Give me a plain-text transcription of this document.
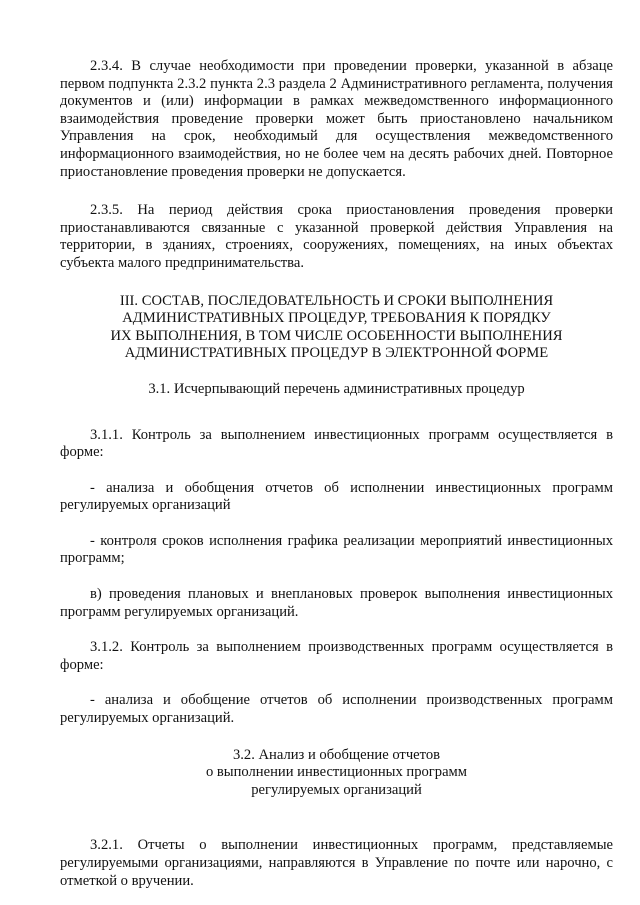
2.3.4. В случае необходимости при проведении проверки, указанной в абзаце первом подпункта 2.3.2 пункта 2.3 раздела 2 Административного регламента, получения документов и (или) информации в рамках межведомственного информационного взаимодействия проведение проверки может быть приостановлено начальником Управления на срок, необходимый для осуществления межведомственного информационного взаимодействия, но не более чем на десять рабочих дней. Повторное приостановление проведения проверки не допускается.

2.3.5. На период действия срока приостановления проведения проверки приостанавливаются связанные с указанной проверкой действия Управления на территории, в зданиях, строениях, сооружениях, помещениях, на иных объектах субъекта малого предпринимательства.

III. СОСТАВ, ПОСЛЕДОВАТЕЛЬНОСТЬ И СРОКИ ВЫПОЛНЕНИЯ
АДМИНИСТРАТИВНЫХ ПРОЦЕДУР, ТРЕБОВАНИЯ К ПОРЯДКУ
ИХ ВЫПОЛНЕНИЯ, В ТОМ ЧИСЛЕ ОСОБЕННОСТИ ВЫПОЛНЕНИЯ
АДМИНИСТРАТИВНЫХ ПРОЦЕДУР В ЭЛЕКТРОННОЙ ФОРМЕ

3.1. Исчерпывающий перечень административных процедур

3.1.1. Контроль за выполнением инвестиционных программ осуществляется в форме:

- анализа и обобщения отчетов об исполнении инвестиционных программ регулируемых организаций

- контроля сроков исполнения графика реализации мероприятий инвестиционных программ;

в) проведения плановых и внеплановых проверок выполнения инвестиционных программ регулируемых организаций.

3.1.2. Контроль за выполнением производственных программ осуществляется в форме:

- анализа и обобщение отчетов об исполнении производственных программ регулируемых организаций.

3.2. Анализ и обобщение отчетов
о выполнении инвестиционных программ
регулируемых организаций

3.2.1. Отчеты о выполнении инвестиционных программ, представляемые регулируемыми организациями, направляются в Управление по почте или нарочно, с отметкой о вручении.
